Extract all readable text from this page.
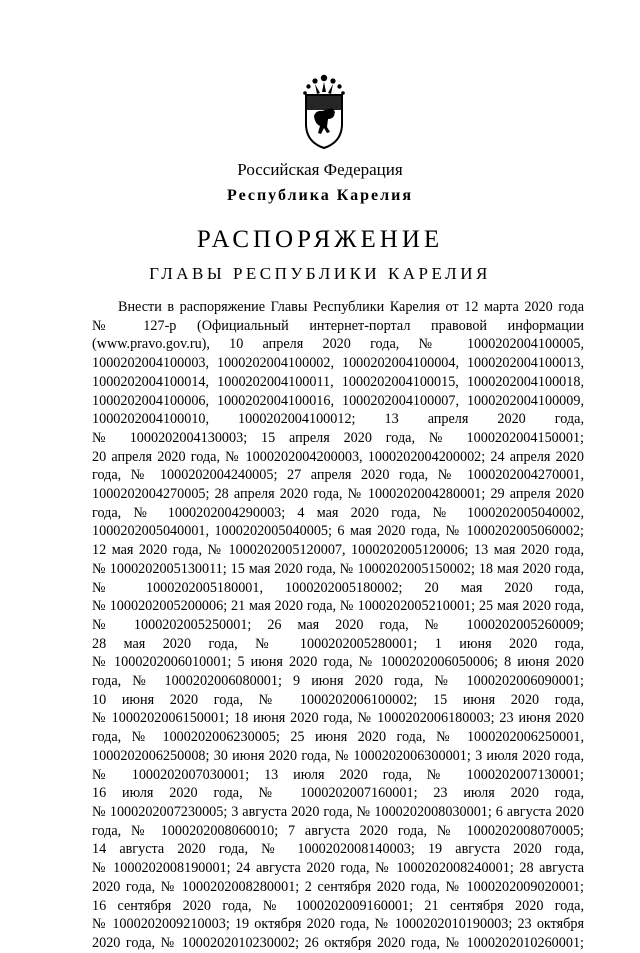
Российская Федерация
Республика Карелия
РАСПОРЯЖЕНИЕ
ГЛАВЫ РЕСПУБЛИКИ КАРЕЛИЯ
Внести в распоряжение Главы Республики Карелия от 12 марта 2020 года
№ 127-р (Официальный интернет-портал правовой информации
(www.pravo.gov.ru), 10 апреля 2020 года, № 1000202004100005,
1000202004100003, 1000202004100002, 1000202004100004, 1000202004100013,
1000202004100014, 1000202004100011, 1000202004100015, 1000202004100018,
1000202004100006, 1000202004100016, 1000202004100007, 1000202004100009,
1000202004100010, 1000202004100012; 13 апреля 2020 года,
№ 1000202004130003; 15 апреля 2020 года, № 1000202004150001;
20 апреля 2020 года, № 1000202004200003, 1000202004200002; 24 апреля 2020
года, № 1000202004240005; 27 апреля 2020 года, № 1000202004270001,
1000202004270005; 28 апреля 2020 года, № 1000202004280001; 29 апреля 2020
года, № 1000202004290003; 4 мая 2020 года, № 1000202005040002,
1000202005040001, 1000202005040005; 6 мая 2020 года, № 1000202005060002;
12 мая 2020 года, № 1000202005120007, 1000202005120006; 13 мая 2020 года,
№ 1000202005130011; 15 мая 2020 года, № 1000202005150002; 18 мая 2020 года,
№ 1000202005180001, 1000202005180002; 20 мая 2020 года,
№ 1000202005200006; 21 мая 2020 года, № 1000202005210001; 25 мая 2020 года,
№ 1000202005250001; 26 мая 2020 года, № 1000202005260009;
28 мая 2020 года, № 1000202005280001; 1 июня 2020 года,
№ 1000202006010001; 5 июня 2020 года, № 1000202006050006; 8 июня 2020
года, № 1000202006080001; 9 июня 2020 года, № 1000202006090001;
10 июня 2020 года, № 1000202006100002; 15 июня 2020 года,
№ 1000202006150001; 18 июня 2020 года, № 1000202006180003; 23 июня 2020
года, № 1000202006230005; 25 июня 2020 года, № 1000202006250001,
1000202006250008; 30 июня 2020 года, № 1000202006300001; 3 июля 2020 года,
№ 1000202007030001; 13 июля 2020 года, № 1000202007130001;
16 июля 2020 года, № 1000202007160001; 23 июля 2020 года,
№ 1000202007230005; 3 августа 2020 года, № 1000202008030001; 6 августа 2020
года, № 1000202008060010; 7 августа 2020 года, № 1000202008070005;
14 августа 2020 года, № 1000202008140003; 19 августа 2020 года,
№ 1000202008190001; 24 августа 2020 года, № 1000202008240001; 28 августа
2020 года, № 1000202008280001; 2 сентября 2020 года, № 1000202009020001;
16 сентября 2020 года, № 1000202009160001; 21 сентября 2020 года,
№ 1000202009210003; 19 октября 2020 года, № 1000202010190003; 23 октября
2020 года, № 1000202010230002; 26 октября 2020 года, № 1000202010260001;
